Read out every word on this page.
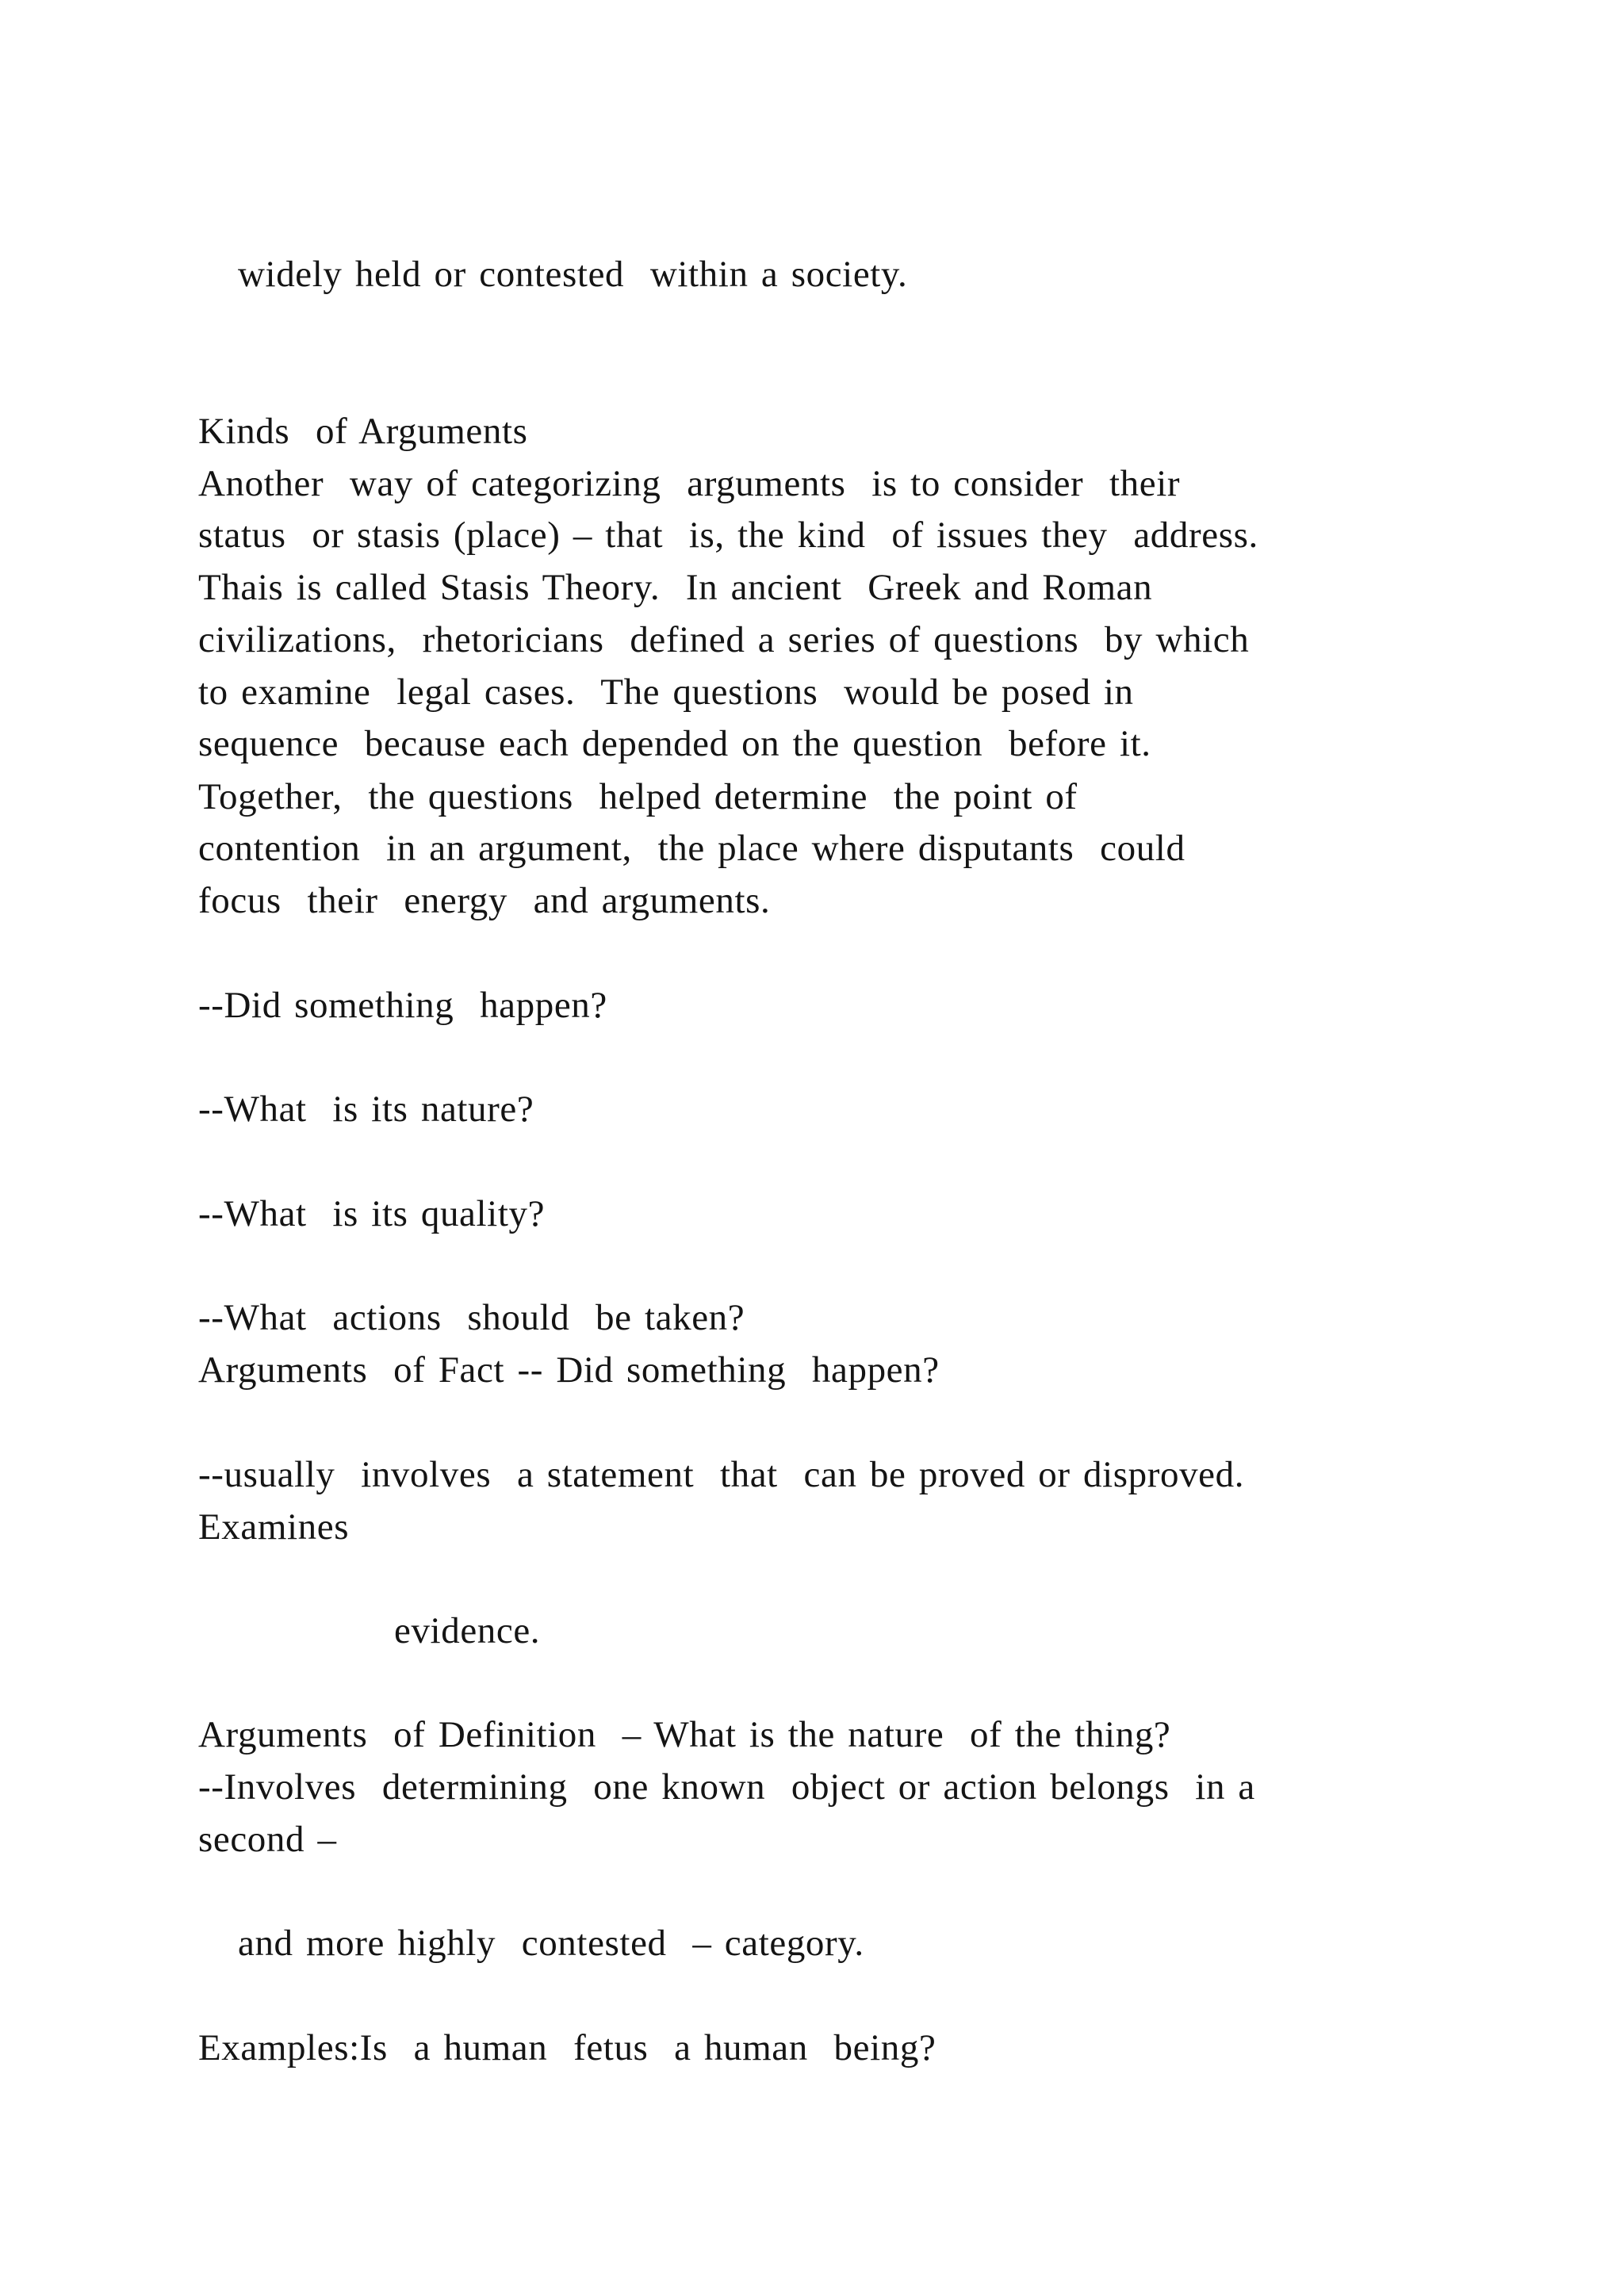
widely held or contested  within a society.
Kinds  of Arguments
Another  way of categorizing  arguments  is to consider  their
status  or stasis (place) – that  is, the kind  of issues they  address.
Thais is called Stasis Theory.  In ancient  Greek and Roman
civilizations,  rhetoricians  defined a series of questions  by which
to examine  legal cases.  The questions  would be posed in
sequence  because each depended on the question  before it.
Together,  the questions  helped determine  the point of
contention  in an argument,  the place where disputants  could
focus  their  energy  and arguments.
--Did something  happen?
--What  is its nature?
--What  is its quality?
--What  actions  should  be taken?
Arguments  of Fact -- Did something  happen?
--usually  involves  a statement  that  can be proved or disproved.
Examines
evidence.
Arguments  of Definition  – What is the nature  of the thing?
--Involves  determining  one known  object or action belongs  in a
second –
and more highly  contested  – category.
Examples:Is  a human  fetus  a human  being?
